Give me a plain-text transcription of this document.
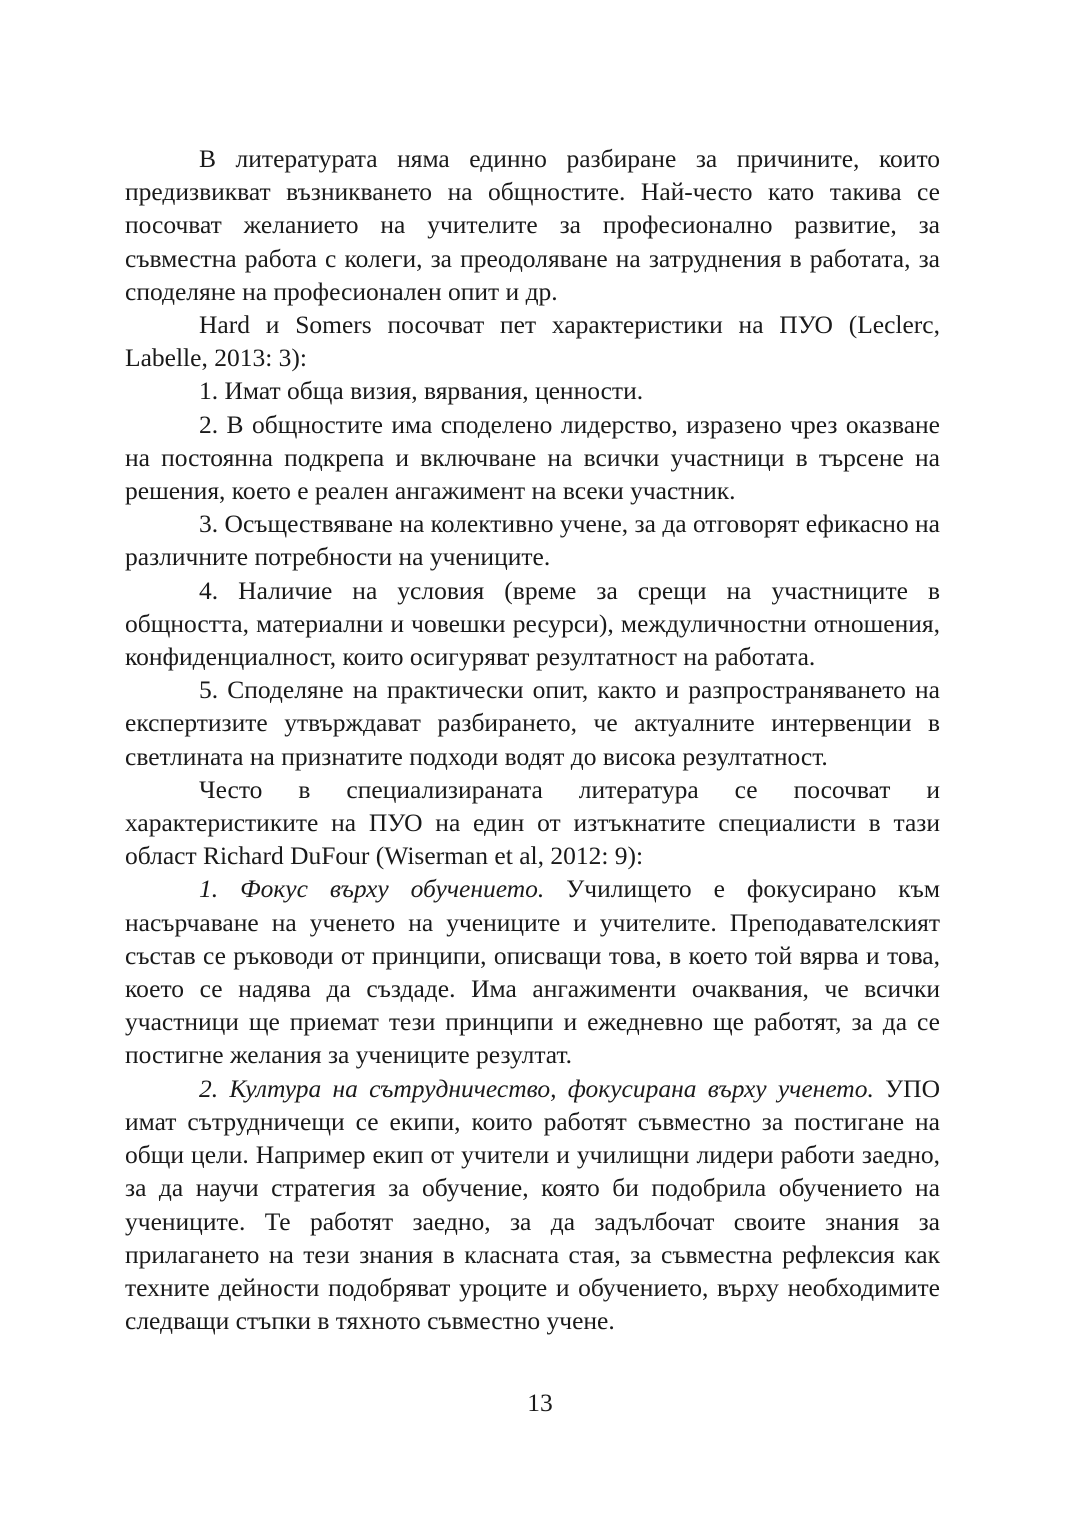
В литературата няма единно разбиране за причините, които предизвикват възникването на общностите. Най-често като такива се посочват желанието на учителите за професионално развитие, за съвместна работа с колеги, за преодоляване на затруднения в работата, за споделяне на професионален опит и др.

Hard и Somers посочват пет характеристики на ПУО (Leclerc, Labelle, 2013: 3):

1. Имат обща визия, вярвания, ценности.

2. В общностите има споделено лидерство, изразено чрез оказване на постоянна подкрепа и включване на всички участници в търсене на решения, което е реален ангажимент на всеки участник.

3. Осъществяване на колективно учене, за да отговорят ефикасно на различните потребности на учениците.

4. Наличие на условия (време за срещи на участниците в общността, материални и човешки ресурси), междуличностни отношения, конфиденциалност, които осигуряват резултатност на работата.

5. Споделяне на практически опит, както и разпространяването на експертизите утвърждават разбирането, че актуалните интервенции в светлината на признатите подходи водят до висока резултатност.

Често в специализираната литература се посочват и характеристиките на ПУО на един от изтъкнатите специалисти в тази област Richard DuFour (Wiserman et al, 2012: 9):

1. Фокус върху обучението. Училището е фокусирано към насърчаване на ученето на учениците и учителите. Преподавателският състав се ръководи от принципи, описващи това, в което той вярва и това, което се надява да създаде. Има ангажименти очаквания, че всички участници ще приемат тези принципи и ежедневно ще работят, за да се постигне желания за учениците резултат.

2. Култура на сътрудничество, фокусирана върху ученето. УПО имат сътрудничещи се екипи, които работят съвместно за постигане на общи цели. Например екип от учители и училищни лидери работи заедно, за да научи стратегия за обучение, която би подобрила обучението на учениците. Те работят заедно, за да задълбочат своите знания за прилагането на тези знания в класната стая, за съвместна рефлексия как техните дейности подобряват уроците и обучението, върху необходимите следващи стъпки в тяхното съвместно учене.

13
